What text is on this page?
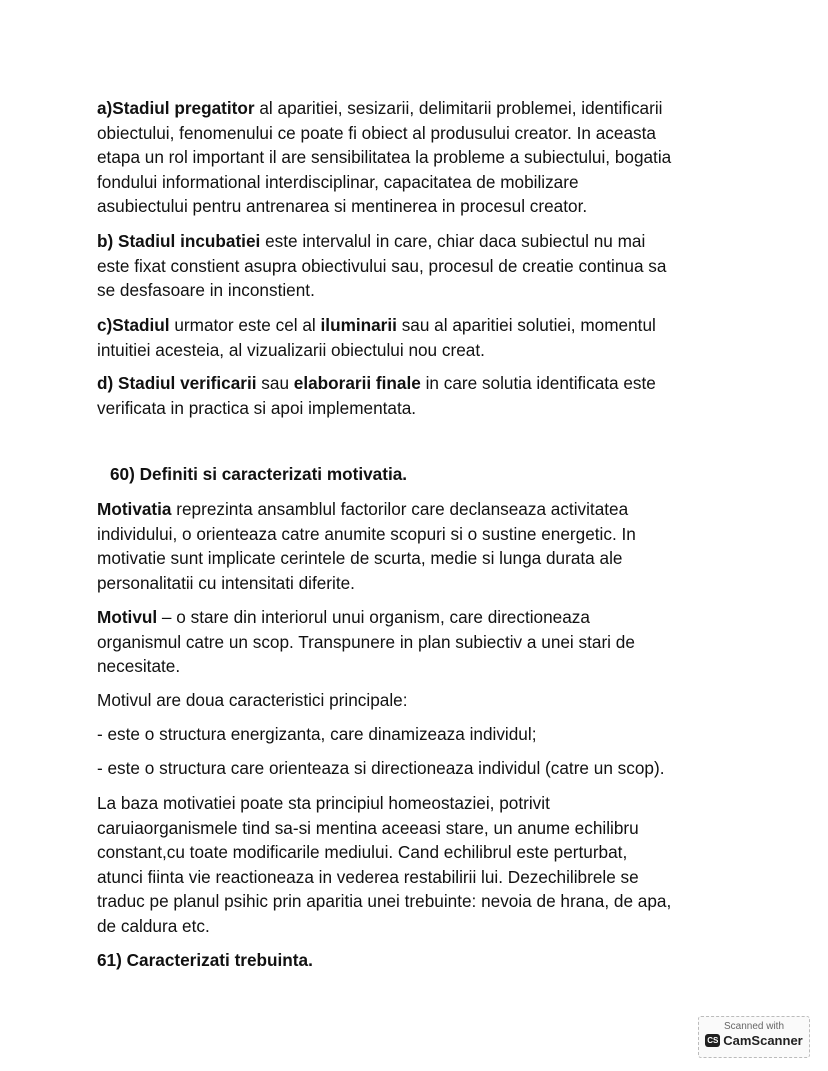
a)Stadiul pregatitor al aparitiei, sesizarii, delimitarii problemei, identificarii
obiectului, fenomenului ce poate fi obiect al produsului creator. In aceasta
etapa un rol important il are sensibilitatea la probleme a subiectului, bogatia
fondului informational interdisciplinar, capacitatea de mobilizare
asubiectului pentru antrenarea si mentinerea in procesul creator.
b) Stadiul incubatiei este intervalul in care, chiar daca subiectul nu mai
este fixat constient asupra obiectivului sau, procesul de creatie continua sa
se desfasoare in inconstient.
c)Stadiul urmator este cel al iluminarii sau al aparitiei solutiei, momentul
intuitiei acesteia, al vizualizarii obiectului nou creat.
d) Stadiul verificarii sau elaborarii finale in care solutia identificata este
verificata in practica si apoi implementata.
60) Definiti si caracterizati motivatia.
Motivatia reprezinta ansamblul factorilor care declanseaza activitatea
individului, o orienteaza catre anumite scopuri si o sustine energetic. In
motivatie sunt implicate cerintele de scurta, medie si lunga durata ale
personalitatii cu intensitati diferite.
Motivul – o stare din interiorul unui organism, care directioneaza
organismul catre un scop. Transpunere in plan subiectiv a unei stari de
necesitate.
Motivul are doua caracteristici principale:
- este o structura energizanta, care dinamizeaza individul;
- este o structura care orienteaza si directioneaza individul (catre un scop).
La baza motivatiei poate sta principiul homeostaziei, potrivit
caruiaorganismele tind sa-si mentina aceeasi stare, un anume echilibru
constant,cu toate modificarile mediului. Cand echilibrul este perturbat,
atunci fiinta vie reactioneaza in vederea restabilirii lui. Dezechilibrele se
traduc pe planul psihic prin aparitia unei trebuinte: nevoia de hrana, de apa,
de caldura etc.
61) Caracterizati trebuinta.
Scanned with
CS CamScanner
